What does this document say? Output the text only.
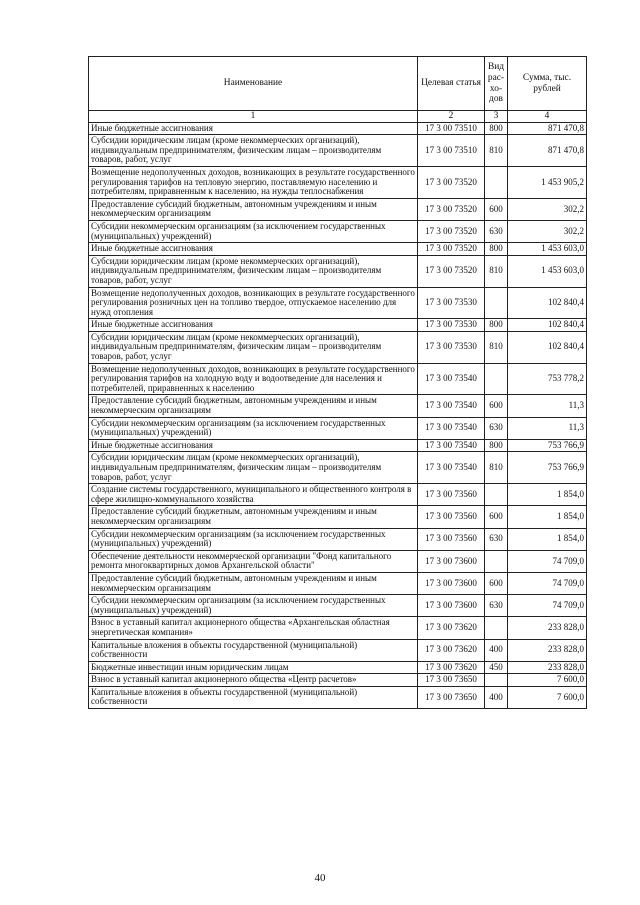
Наименование	Целевая статья	Вид рас-хо-дов	Сумма, тыс. рублей
1	2	3	4
Иные бюджетные ассигнования	17 3 00 73510	800	871 470,8
Субсидии юридическим лицам (кроме некоммерческих организаций), индивидуальным предпринимателям, физическим лицам – производителям товаров, работ, услуг	17 3 00 73510	810	871 470,8
Возмещение недополученных доходов, возникающих в результате государственного регулирования тарифов на тепловую энергию, поставляемую населению и потребителям, приравненным к населению, на нужды теплоснабжения	17 3 00 73520		1 453 905,2
Предоставление субсидий бюджетным, автономным учреждениям и иным некоммерческим организациям	17 3 00 73520	600	302,2
Субсидии некоммерческим организациям (за исключением государственных (муниципальных) учреждений)	17 3 00 73520	630	302,2
Иные бюджетные ассигнования	17 3 00 73520	800	1 453 603,0
Субсидии юридическим лицам (кроме некоммерческих организаций), индивидуальным предпринимателям, физическим лицам – производителям товаров, работ, услуг	17 3 00 73520	810	1 453 603,0
Возмещение недополученных доходов, возникающих в результате государственного регулирования розничных цен на топливо твердое, отпускаемое населению для нужд отопления	17 3 00 73530		102 840,4
Иные бюджетные ассигнования	17 3 00 73530	800	102 840,4
Субсидии юридическим лицам (кроме некоммерческих организаций), индивидуальным предпринимателям, физическим лицам – производителям товаров, работ, услуг	17 3 00 73530	810	102 840,4
Возмещение недополученных доходов, возникающих в результате государственного регулирования тарифов на холодную воду и водоотведение для населения и потребителей, приравненных к населению	17 3 00 73540		753 778,2
Предоставление субсидий бюджетным, автономным учреждениям и иным некоммерческим организациям	17 3 00 73540	600	11,3
Субсидии некоммерческим организациям (за исключением государственных (муниципальных) учреждений)	17 3 00 73540	630	11,3
Иные бюджетные ассигнования	17 3 00 73540	800	753 766,9
Субсидии юридическим лицам (кроме некоммерческих организаций), индивидуальным предпринимателям, физическим лицам – производителям товаров, работ, услуг	17 3 00 73540	810	753 766,9
Создание системы государственного, муниципального и общественного контроля в сфере жилищно-коммунального хозяйства	17 3 00 73560		1 854,0
Предоставление субсидий бюджетным, автономным учреждениям и иным некоммерческим организациям	17 3 00 73560	600	1 854,0
Субсидии некоммерческим организациям (за исключением государственных (муниципальных) учреждений)	17 3 00 73560	630	1 854,0
Обеспечение деятельности некоммерческой организации "Фонд капитального ремонта многоквартирных домов Архангельской области"	17 3 00 73600		74 709,0
Предоставление субсидий бюджетным, автономным учреждениям и иным некоммерческим организациям	17 3 00 73600	600	74 709,0
Субсидии некоммерческим организациям (за исключением государственных (муниципальных) учреждений)	17 3 00 73600	630	74 709,0
Взнос в уставный капитал акционерного общества «Архангельская областная энергетическая компания»	17 3 00 73620		233 828,0
Капитальные вложения в объекты государственной (муниципальной) собственности	17 3 00 73620	400	233 828,0
Бюджетные инвестиции иным юридическим лицам	17 3 00 73620	450	233 828,0
Взнос в уставный капитал акционерного общества «Центр расчетов»	17 3 00 73650		7 600,0
Капитальные вложения в объекты государственной (муниципальной) собственности	17 3 00 73650	400	7 600,0
40
